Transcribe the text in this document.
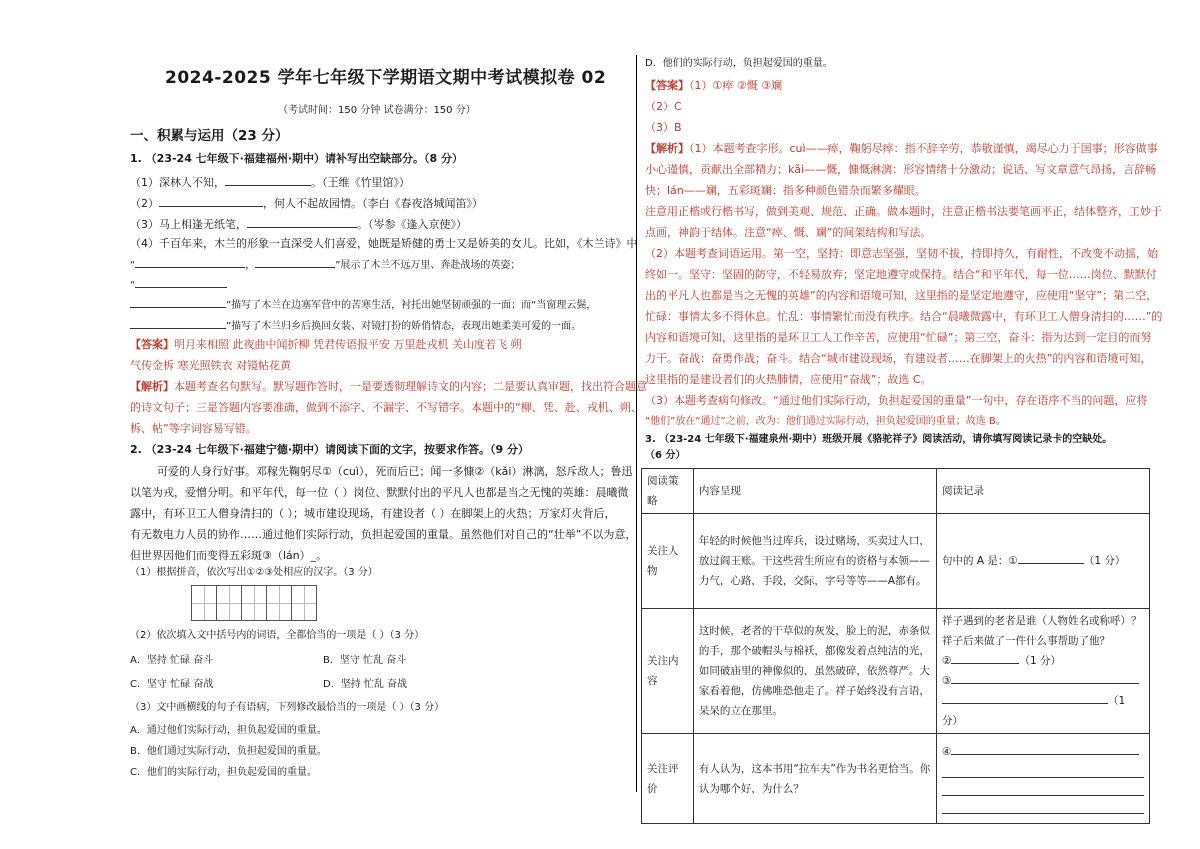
2024-2025 学年七年级下学期语文期中考试模拟卷 02
（考试时间：150 分钟 试卷满分：150 分）
一、积累与运用（23 分）
1. （23-24 七年级下·福建福州·期中）请补写出空缺部分。（8 分）
（1）深林人不知，	。（王维《竹里馆》）
（2）	，何人不起故园情。（李白《春夜洛城闻笛》）
（3）马上相逢无纸笔，	。（岑参《逢入京使》）
（4）千百年来，木兰的形象一直深受人们喜爱，她既是矫健的勇士又是娇美的女儿。比如，《木兰诗》中
“	，	”展示了木兰不远万里、奔赴战场的英姿；
“
”描写了木兰在边塞军营中的苦寒生活，衬托出她坚韧顽强的一面；而“当窗理云鬓，
”描写了木兰归乡后换回女装、对镜打扮的娇俏情态，表现出她柔美可爱的一面。
【答案】明月来相照 此夜曲中闻折柳 凭君传语报平安 万里赴戎机 关山度若飞 朔
气传金柝 寒光照铁衣 对镜帖花黄
【解析】本题考查名句默写。默写题作答时，一是要透彻理解诗文的内容；二是要认真审题，找出符合题意
的诗文句子；三是答题内容要准确，做到不添字、不漏字、不写错字。本题中的“柳、凭、赴、戎机、朔、
柝、帖”等字词容易写错。
2. （23-24 七年级下·福建宁德·期中）请阅读下面的文字，按要求作答。（9 分）
可爱的人身行好事。邓稼先鞠躬尽①（cuì），死而后已；闻一多慷②（kǎi）淋漓，怒斥敌人；鲁迅
以笔为戎，爱憎分明。和平年代，每一位（ ）岗位、默默付出的平凡人也都是当之无愧的英雄：晨曦微
露中，有环卫工人僧身清扫的（ ）；城市建设现场，有建设者（ ）在脚架上的火热；万家灯火背后，
有无数电力人员的协作……通过他们实际行动，负担起爱国的重量。虽然他们对自己的“壮举”不以为意，
但世界因他们而变得五彩斑③（lán）_。
（1）根据拼音，依次写出①②③处相应的汉字。（3 分）
（2）依次填入文中括号内的词语，全都恰当的一项是（ ）（3 分）
A．坚持 忙碌 奋斗	B．坚守 忙乱 奋斗
C．坚守 忙碌 奋战	D．坚持 忙乱 奋战
（3）文中画横线的句子有语病，下列修改最恰当的一项是（ ）（3 分）
A．通过他们实际行动，担负起爱国的重量。
B．他们通过实际行动，负担起爱国的重量。
C．他们的实际行动，担负起爱国的重量。
D．他们的实际行动，负担起爱国的重量。
【答案】（1）①瘁 ②慨 ③斓
（2）C
（3）B
【解析】（1）本题考查字形。cuì——瘁，鞠躬尽瘁：指不辞辛劳，恭敬谨慎，竭尽心力于国事；形容做事
小心谨慎，贡献出全部精力；kǎi——慨，慷慨淋漓：形容情绪十分激动；说话、写文章意气昂扬，言辞畅
快；lán——斓，五彩斑斓：指多种颜色错杂而繁多耀眼。
注意用正楷或行楷书写，做到美观、规范、正确。做本题时，注意正楷书法要笔画平正，结体整齐，工妙于
点画，神韵于结体。注意“瘁、慨、斓”的间架结构和写法。
（2）本题考查词语运用。第一空，坚持：即意志坚强，坚韧不拔，持即持久，有耐性，不改变不动摇，始
终如一。坚守：坚固的防守，不轻易放弃；坚定地遵守或保持。结合“和平年代，每一位……岗位、默默付
出的平凡人也都是当之无愧的英雄”的内容和语境可知，这里指的是坚定地遵守，应使用“坚守”；第二空，
忙碌：事情太多不得休息。忙乱：事情繁忙而没有秩序。结合“晨曦微露中，有环卫工人僧身清扫的……”的
内容和语境可知，这里指的是环卫工人工作辛苦，应使用“忙碌”；第三空，奋斗：指为达到一定目的而努
力干。奋战：奋勇作战；奋斗。结合“城市建设现场，有建设者……在脚架上的火热”的内容和语境可知，
这里指的是建设者们的火热肺情，应使用“奋战”；故选 C。
（3）本题考查病句修改。“通过他们实际行动，负担起爱国的重量”一句中，存在语序不当的问题，应将
“他们”放在“通过”之前，改为：他们通过实际行动，担负起爱国的重量；故选 B。
3. （23-24 七年级下·福建泉州·期中）班级开展《骆驼祥子》阅读活动，请你填写阅读记录卡的空缺处。
（6 分）
阅读策略	内容呈现	阅读记录
关注人物	年轻的时候他当过库兵，设过赌场，买卖过人口，放过阎王账。干这些营生所应有的资格与本领——力气，心路，手段，交际，字号等等——A都有。	句中的 A 是：① （1 分）
关注内容	这时候，老者的干草似的灰发，脸上的泥，赤条似的手，那个破帽头与棉袄，都像发着点纯洁的光，如同破庙里的神像似的，虽然破碎，依然尊严。大家看着他，仿佛唯恐他走了。祥子始终没有言语，呆呆的立在那里。	祥子遇到的老者是谁（人物姓名或称呼）？祥子后来做了一件什么事帮助了他？
② （1 分）
③
（1 分）

关注评价	有人认为，这本书用“拉车夫”作为书名更恰当。你认为哪个好，为什么？	④
